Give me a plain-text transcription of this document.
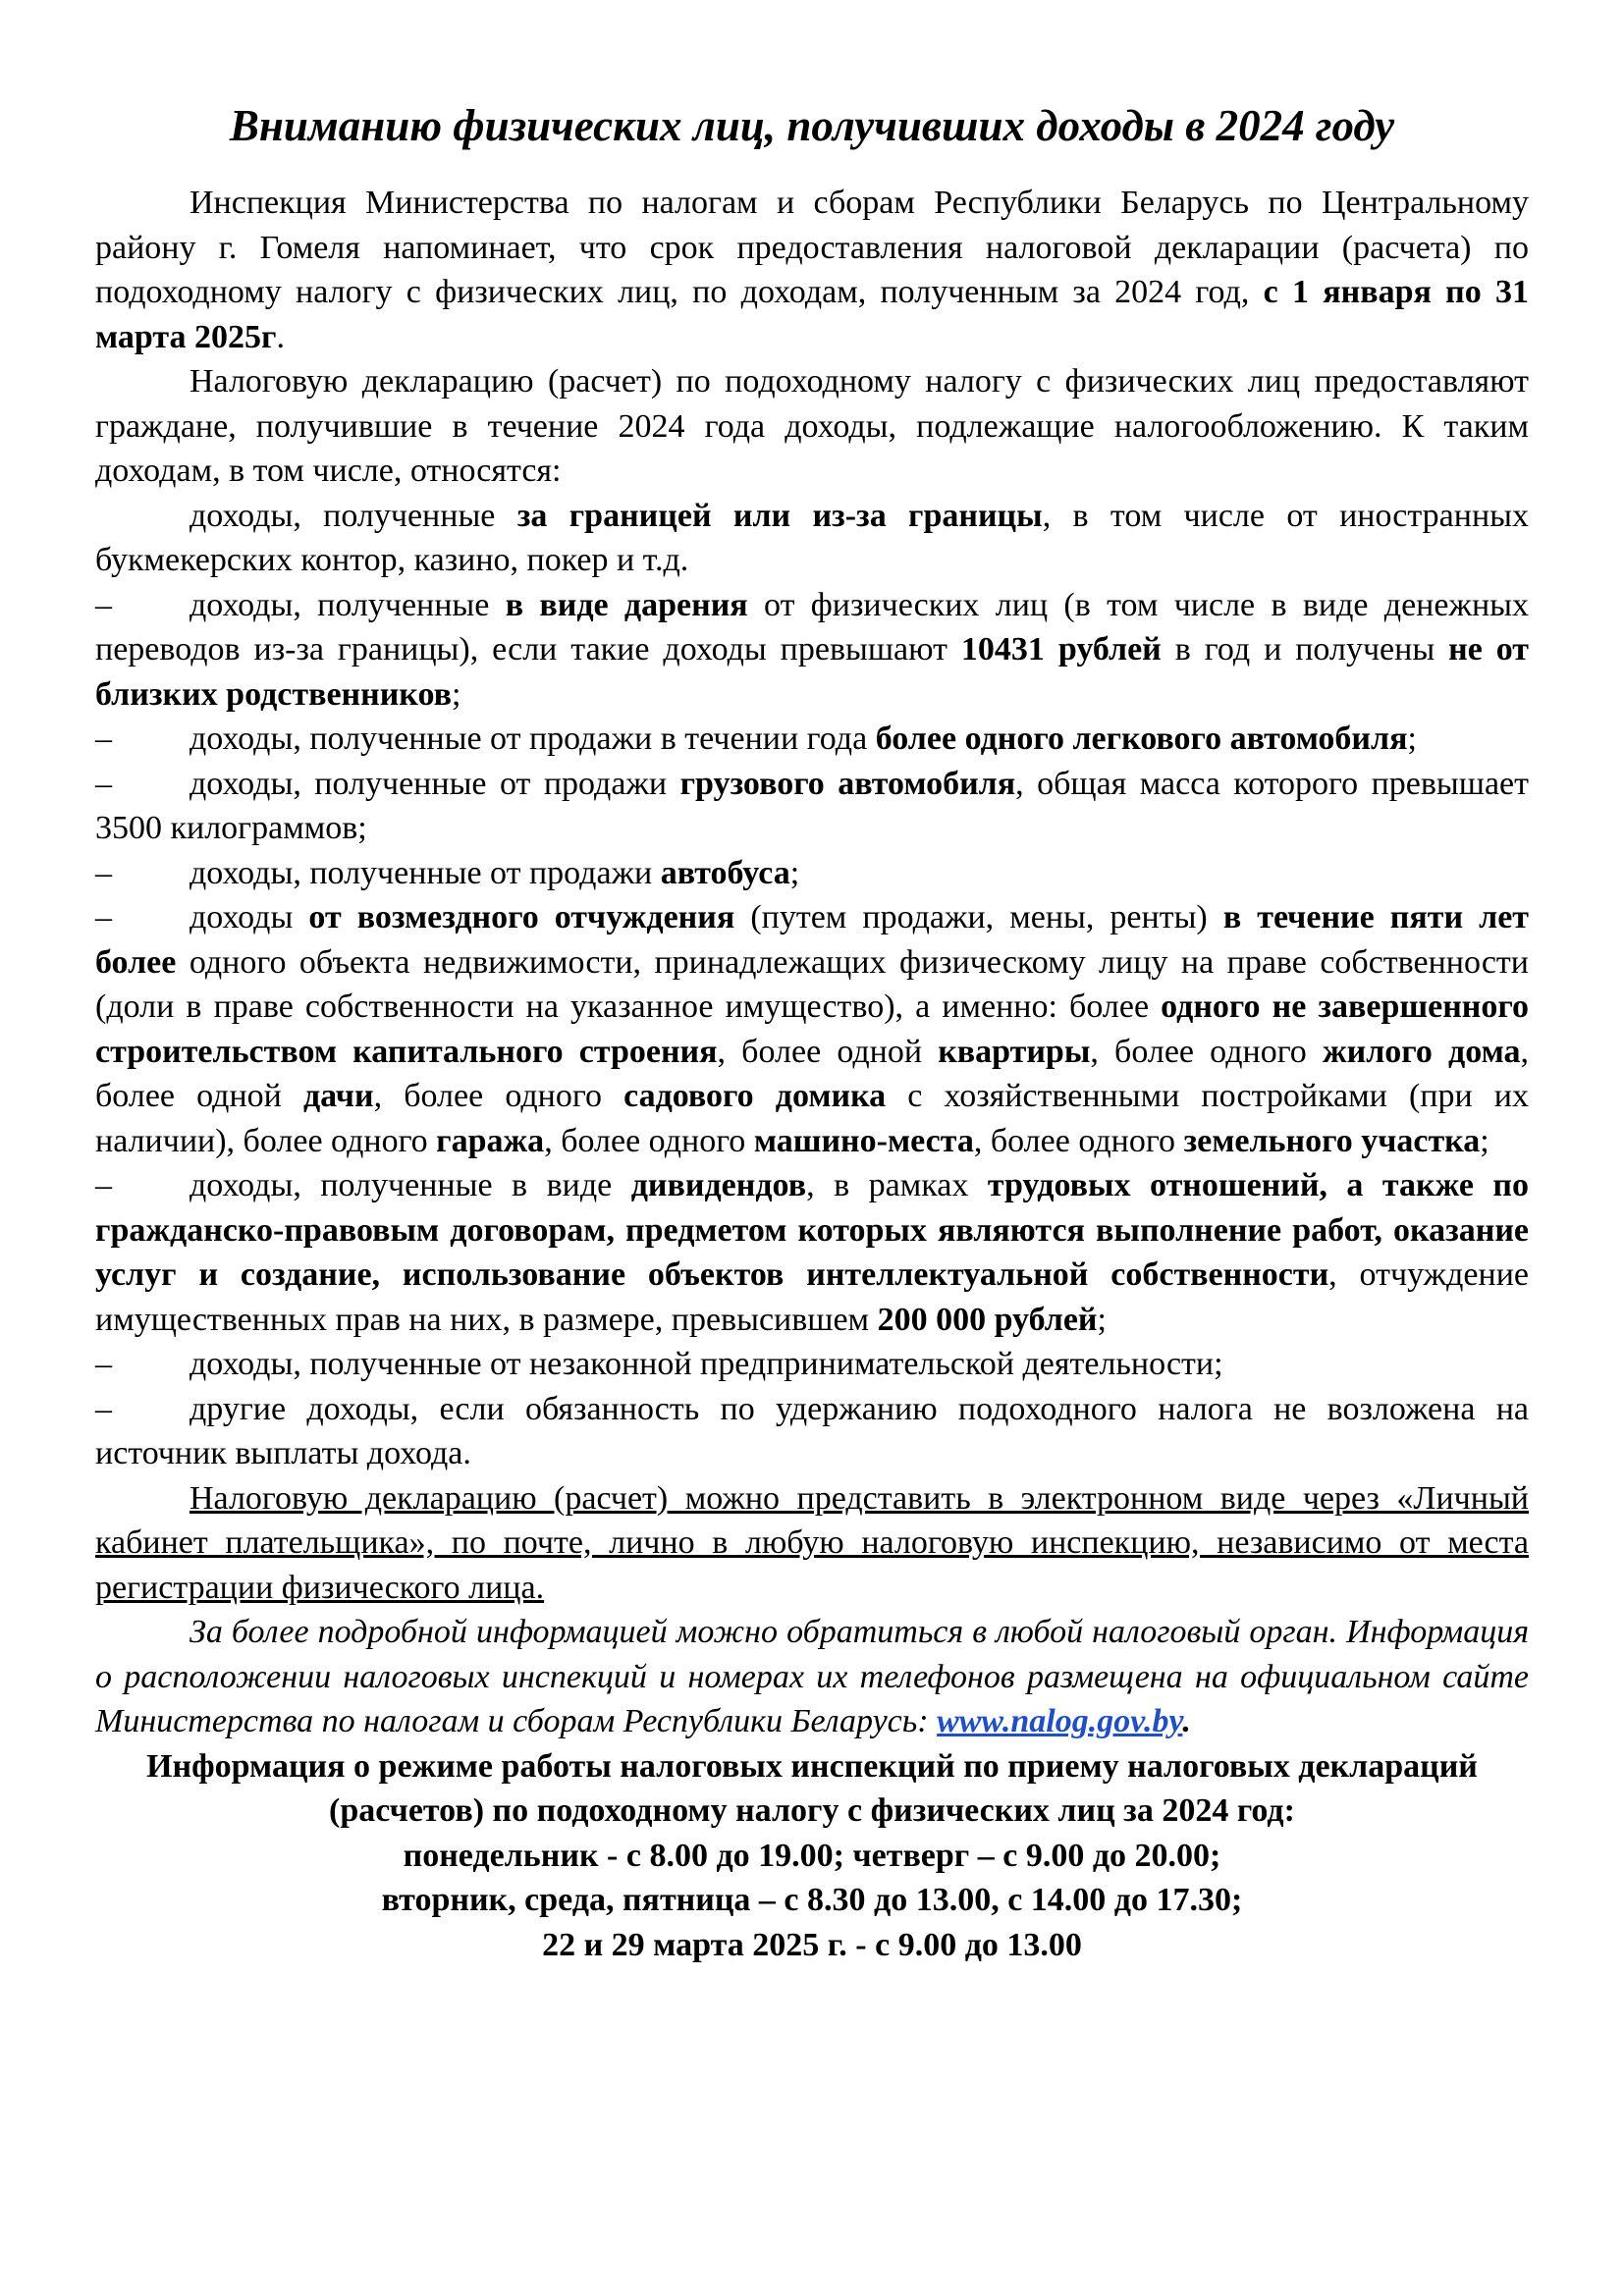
Вниманию физических лиц, получивших доходы в 2024 году

Инспекция Министерства по налогам и сборам Республики Беларусь по Центральному району г. Гомеля напоминает, что срок предоставления налоговой декларации (расчета) по подоходному налогу с физических лиц, по доходам, полученным за 2024 год, с 1 января по 31 марта 2025г.

Налоговую декларацию (расчет) по подоходному налогу с физических лиц предоставляют граждане, получившие в течение 2024 года доходы, подлежащие налогообложению. К таким доходам, в том числе, относятся:

доходы, полученные за границей или из-за границы, в том числе от иностранных букмекерских контор, казино, покер и т.д.

–	доходы, полученные в виде дарения от физических лиц (в том числе в виде денежных переводов из-за границы), если такие доходы превышают 10431 рублей в год и получены не от близких родственников;

–	доходы, полученные от продажи в течении года более одного легкового автомобиля;

–	доходы, полученные от продажи грузового автомобиля, общая масса которого превышает 3500 килограммов;

–	доходы, полученные от продажи автобуса;

–	доходы от возмездного отчуждения (путем продажи, мены, ренты) в течение пяти лет более одного объекта недвижимости, принадлежащих физическому лицу на праве собственности (доли в праве собственности на указанное имущество), а именно: более одного не завершенного строительством капитального строения, более одной квартиры, более одного жилого дома, более одной дачи, более одного садового домика с хозяйственными постройками (при их наличии), более одного гаража, более одного машино-места, более одного земельного участка;

–	доходы, полученные в виде дивидендов, в рамках трудовых отношений, а также по гражданско-правовым договорам, предметом которых являются выполнение работ, оказание услуг и создание, использование объектов интеллектуальной собственности, отчуждение имущественных прав на них, в размере, превысившем 200 000 рублей;

–	доходы, полученные от незаконной предпринимательской деятельности;

–	другие доходы, если обязанность по удержанию подоходного налога не возложена на источник выплаты дохода.

Налоговую декларацию (расчет) можно представить в электронном виде через «Личный кабинет плательщика», по почте, лично в любую налоговую инспекцию, независимо от места регистрации физического лица.

За более подробной информацией можно обратиться в любой налоговый орган. Информация о расположении налоговых инспекций и номерах их телефонов размещена на официальном сайте Министерства по налогам и сборам Республики Беларусь: www.nalog.gov.by.

Информация о режиме работы налоговых инспекций по приему налоговых деклараций (расчетов) по подоходному налогу с физических лиц за 2024 год:

понедельник - с 8.00 до 19.00; четверг – с 9.00 до 20.00;

вторник, среда, пятница – с 8.30 до 13.00, с 14.00 до 17.30;

22 и 29 марта 2025 г. - с 9.00 до 13.00
